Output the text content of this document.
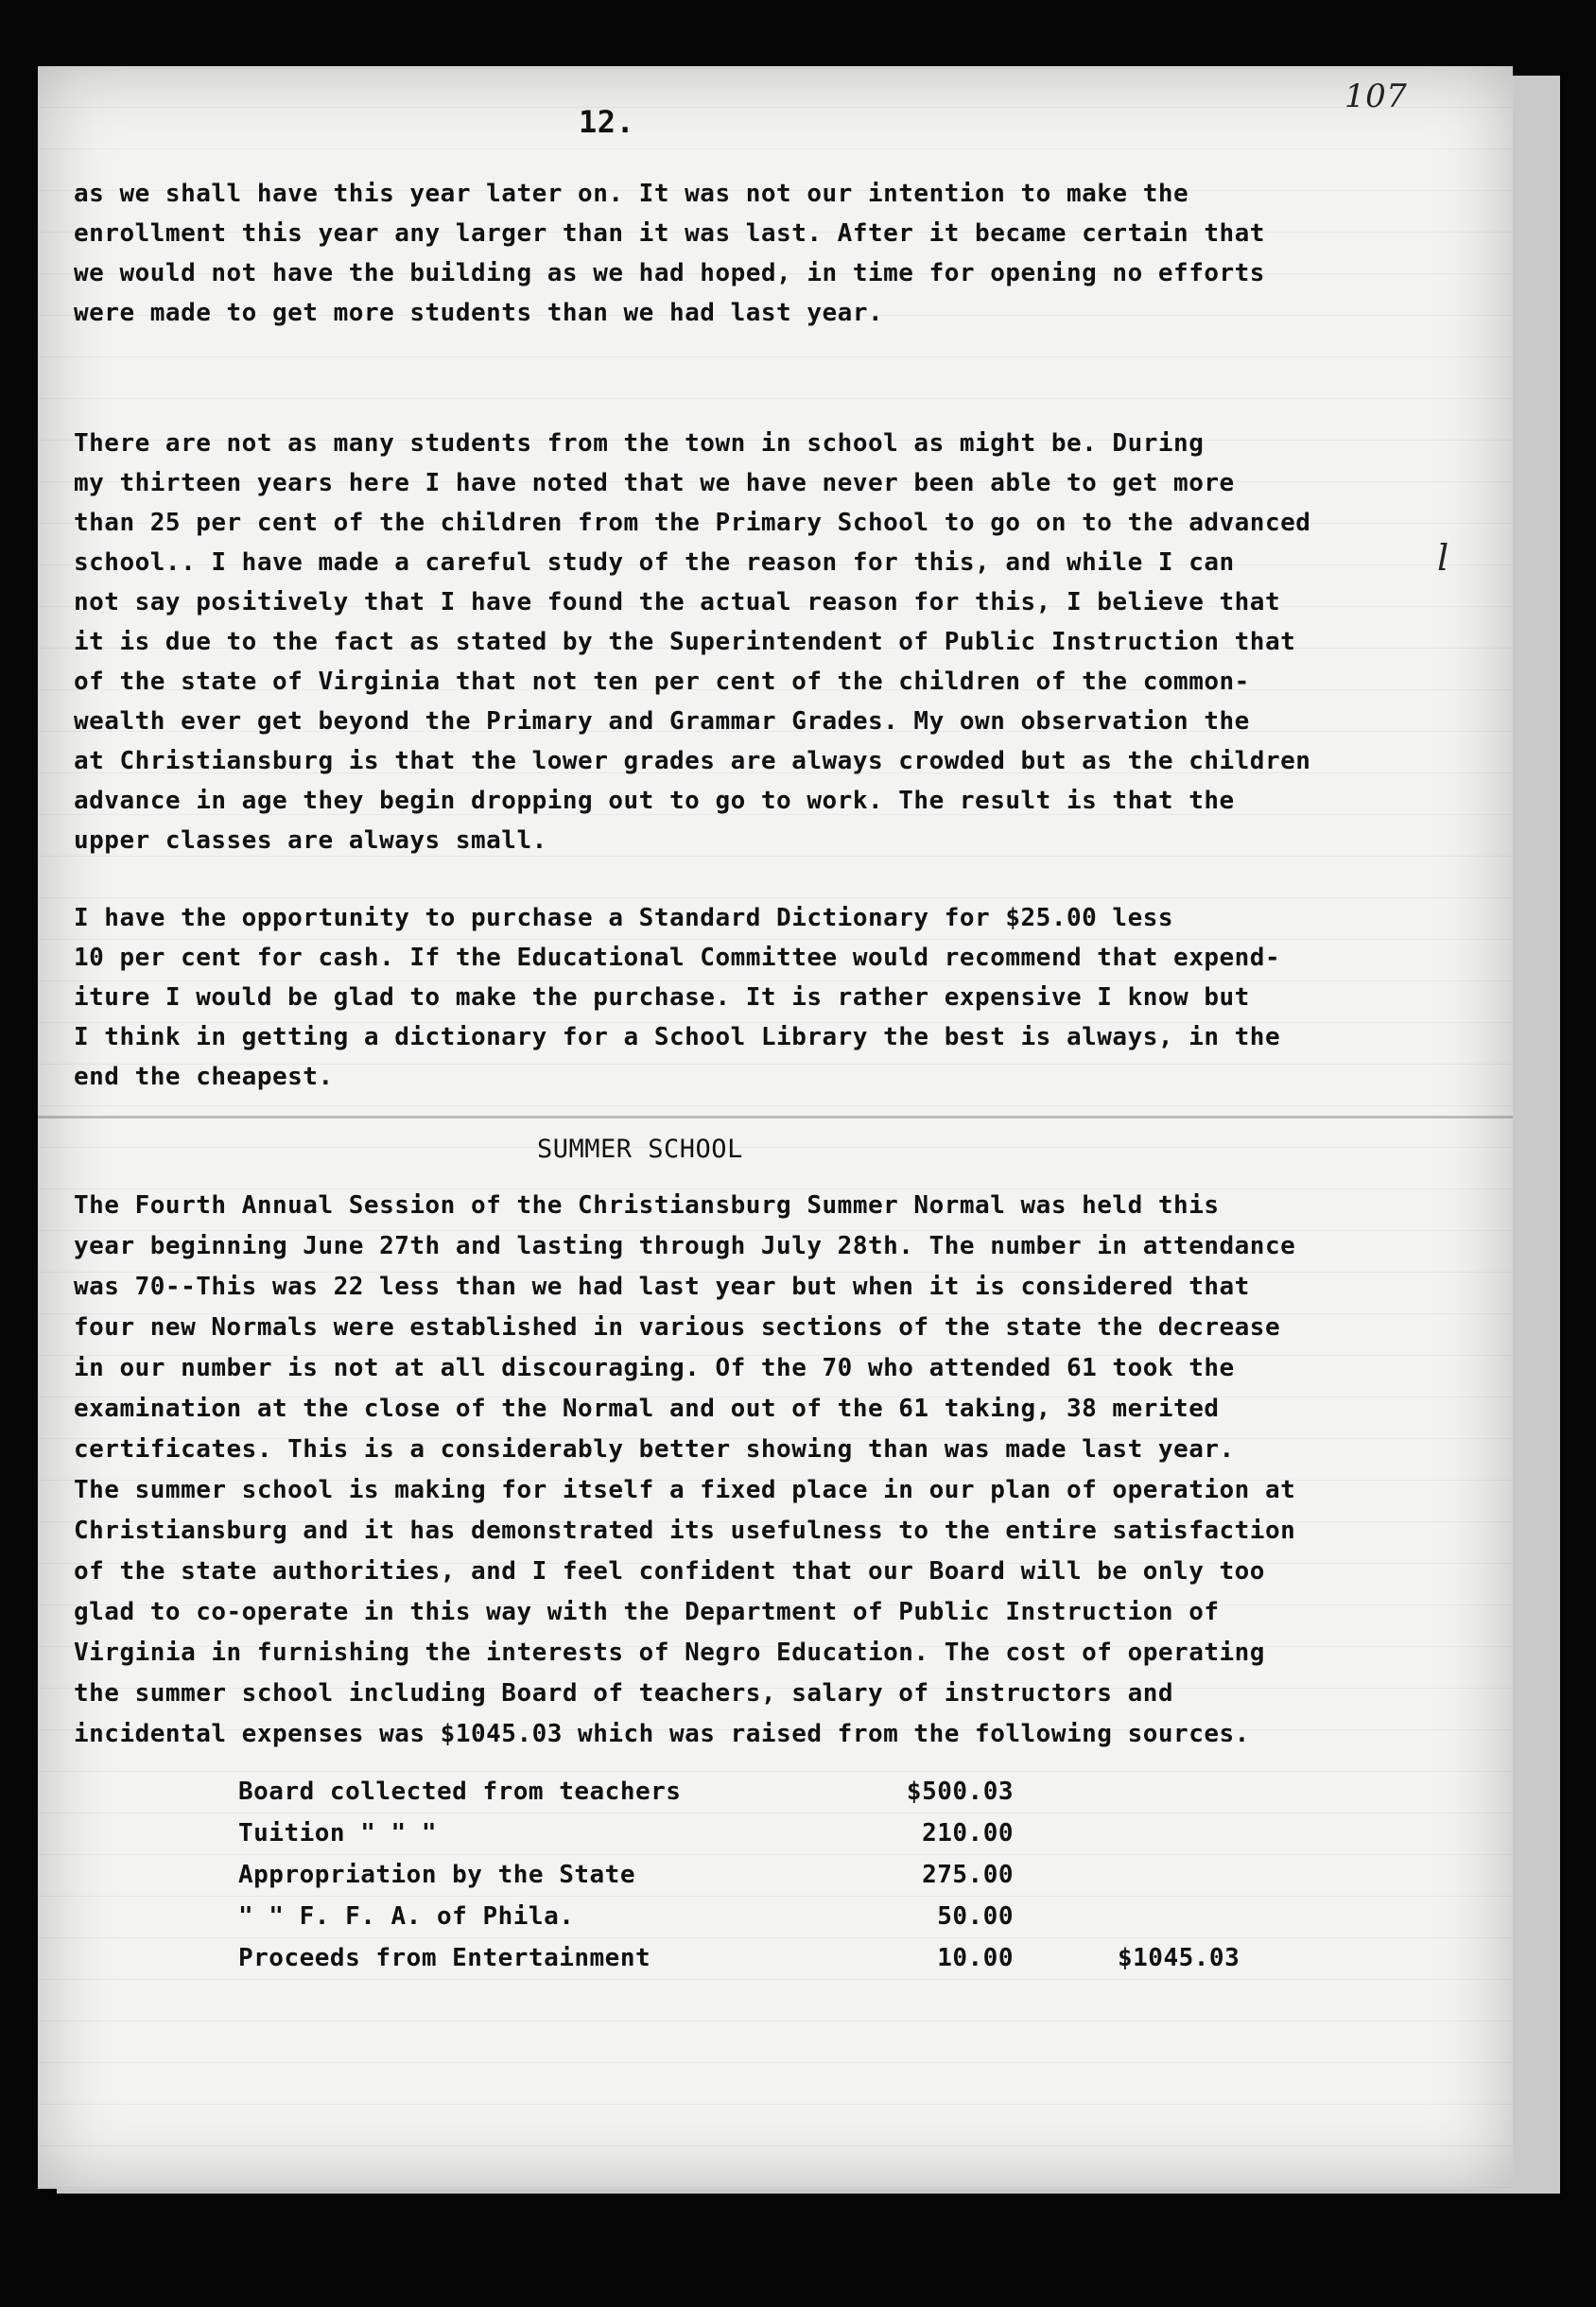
12.
107
l
as we shall have this year later on. It was not our intention to make the
enrollment this year any larger than it was last. After it became certain that
we would not have the building as we had hoped, in time for opening no efforts
were made to get more students than we had last year.
There are not as many students from the town in school as might be. During
my thirteen years here I have noted that we have never been able to get more
than 25 per cent of the children from the Primary School to go on to the advanced
school.. I have made a careful study of the reason for this, and while I can
not say positively that I have found the actual reason for this, I believe that
it is due to the fact as stated by the Superintendent of Public Instruction that
of the state of Virginia that not ten per cent of the children of the common-
wealth ever get beyond the Primary and Grammar Grades. My own observation the
at Christiansburg is that the lower grades are always crowded but as the children
advance in age they begin dropping out to go to work. The result is that the
upper classes are always small.
I have the opportunity to purchase a Standard Dictionary for $25.00 less
10 per cent for cash. If the Educational Committee would recommend that expend-
iture I would be glad to make the purchase. It is rather expensive I know but
I think in getting a dictionary for a School Library the best is always, in the
end the cheapest.
SUMMER SCHOOL
The Fourth Annual Session of the Christiansburg Summer Normal was held this
year beginning June 27th and lasting through July 28th. The number in attendance
was 70--This was 22 less than we had last year but when it is considered that
four new Normals were established in various sections of the state the decrease
in our number is not at all discouraging. Of the 70 who attended 61 took the
examination at the close of the Normal and out of the 61 taking, 38 merited
certificates. This is a considerably better showing than was made last year.
The summer school is making for itself a fixed place in our plan of operation at
Christiansburg and it has demonstrated its usefulness to the entire satisfaction
of the state authorities, and I feel confident that our Board will be only too
glad to co-operate in this way with the Department of Public Instruction of
Virginia in furnishing the interests of Negro Education. The cost of operating
the summer school including Board of teachers, salary of instructors and
incidental expenses was $1045.03 which was raised from the following sources.
Board collected from teachers	$500.03
Tuition " " "	210.00
Appropriation by the State	275.00
" " F. F. A. of Phila.	50.00
Proceeds from Entertainment	10.00	$1045.03
